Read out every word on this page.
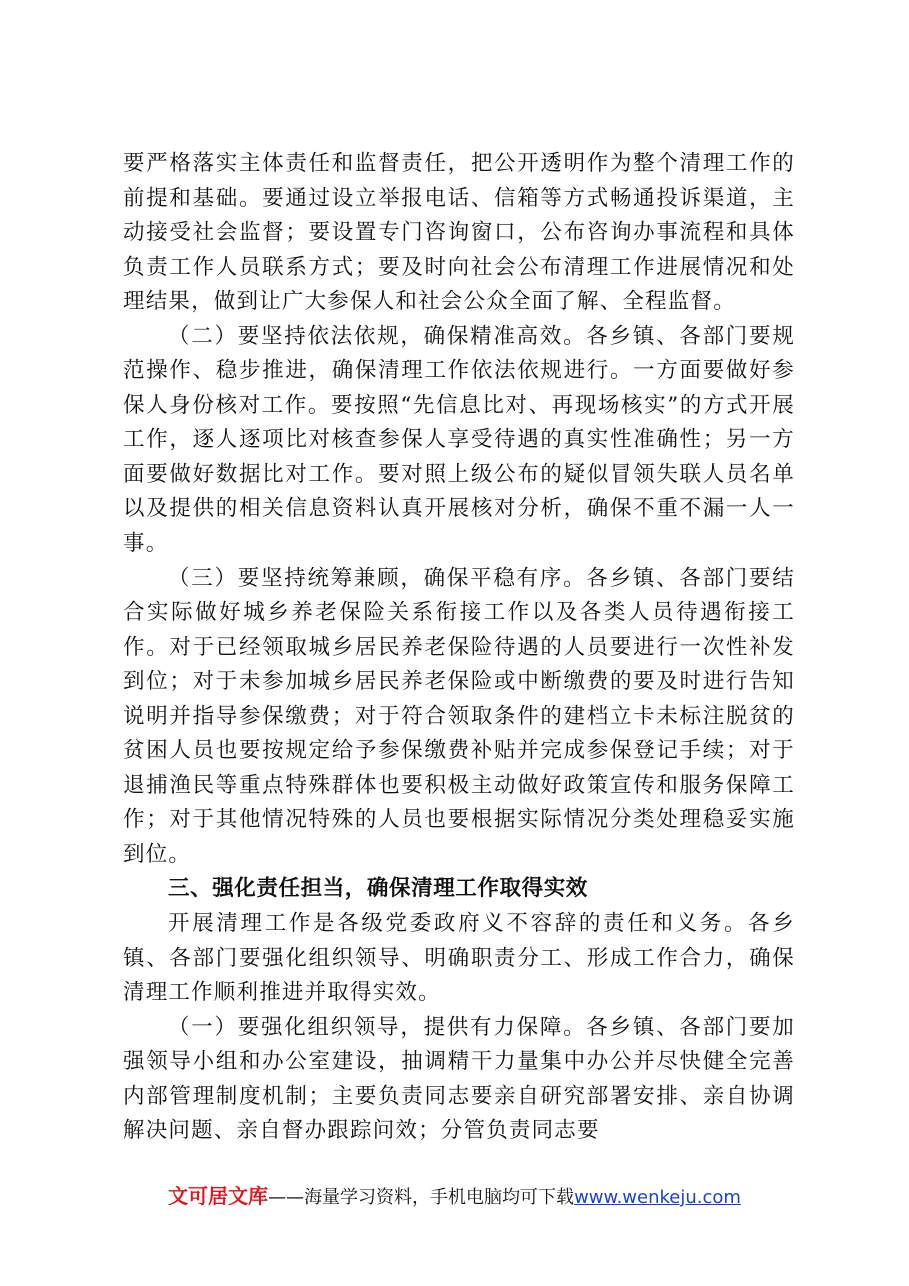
要严格落实主体责任和监督责任，把公开透明作为整个清理工作的前提和基础。要通过设立举报电话、信箱等方式畅通投诉渠道，主动接受社会监督；要设置专门咨询窗口，公布咨询办事流程和具体负责工作人员联系方式；要及时向社会公布清理工作进展情况和处理结果，做到让广大参保人和社会公众全面了解、全程监督。

（二）要坚持依法依规，确保精准高效。各乡镇、各部门要规范操作、稳步推进，确保清理工作依法依规进行。一方面要做好参保人身份核对工作。要按照“先信息比对、再现场核实”的方式开展工作，逐人逐项比对核查参保人享受待遇的真实性准确性；另一方面要做好数据比对工作。要对照上级公布的疑似冒领失联人员名单以及提供的相关信息资料认真开展核对分析，确保不重不漏一人一事。

（三）要坚持统筹兼顾，确保平稳有序。各乡镇、各部门要结合实际做好城乡养老保险关系衔接工作以及各类人员待遇衔接工作。对于已经领取城乡居民养老保险待遇的人员要进行一次性补发到位；对于未参加城乡居民养老保险或中断缴费的要及时进行告知说明并指导参保缴费；对于符合领取条件的建档立卡未标注脱贫的贫困人员也要按规定给予参保缴费补贴并完成参保登记手续；对于退捕渔民等重点特殊群体也要积极主动做好政策宣传和服务保障工作；对于其他情况特殊的人员也要根据实际情况分类处理稳妥实施到位。

三、强化责任担当，确保清理工作取得实效

开展清理工作是各级党委政府义不容辞的责任和义务。各乡镇、各部门要强化组织领导、明确职责分工、形成工作合力，确保清理工作顺利推进并取得实效。

（一）要强化组织领导，提供有力保障。各乡镇、各部门要加强领导小组和办公室建设，抽调精干力量集中办公并尽快健全完善内部管理制度机制；主要负责同志要亲自研究部署安排、亲自协调解决问题、亲自督办跟踪问效；分管负责同志要

文可居文库——海量学习资料，手机电脑均可下载www.wenkeju.com
